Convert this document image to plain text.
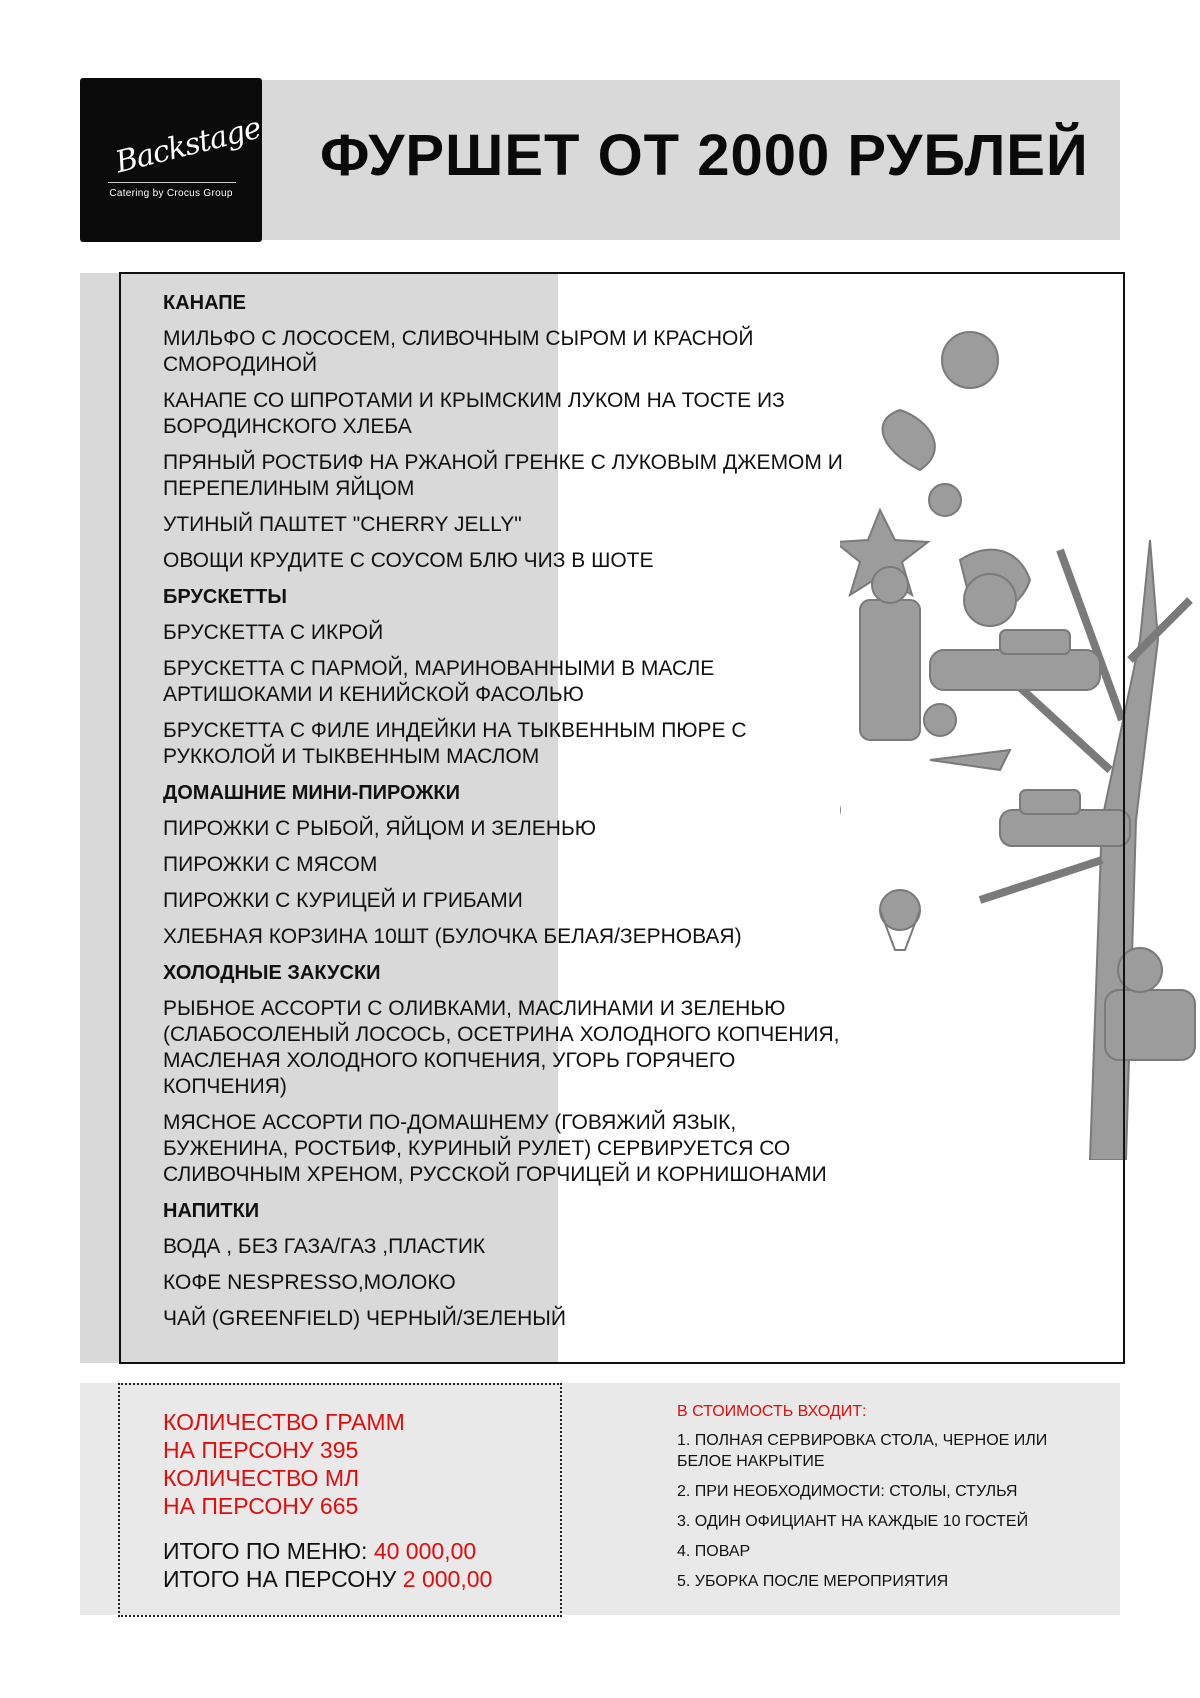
Backstage
Catering by Crocus Group
ФУРШЕТ ОТ 2000 РУБЛЕЙ
КАНАПЕ
МИЛЬФО С ЛОСОСЕМ, СЛИВОЧНЫМ СЫРОМ И КРАСНОЙ СМОРОДИНОЙ
КАНАПЕ СО ШПРОТАМИ И КРЫМСКИМ ЛУКОМ НА ТОСТЕ ИЗ БОРОДИНСКОГО ХЛЕБА
ПРЯНЫЙ РОСТБИФ НА РЖАНОЙ ГРЕНКЕ С ЛУКОВЫМ ДЖЕМОМ И ПЕРЕПЕЛИНЫМ ЯЙЦОМ
УТИНЫЙ ПАШТЕТ "CHERRY JELLY"
ОВОЩИ КРУДИТЕ С СОУСОМ БЛЮ ЧИЗ В ШОТЕ
БРУСКЕТТЫ
БРУСКЕТТА С ИКРОЙ
БРУСКЕТТА С ПАРМОЙ, МАРИНОВАННЫМИ В МАСЛЕ АРТИШОКАМИ И КЕНИЙСКОЙ ФАСОЛЬЮ
БРУСКЕТТА С ФИЛЕ ИНДЕЙКИ НА ТЫКВЕННЫМ ПЮРЕ С РУККОЛОЙ И ТЫКВЕННЫМ МАСЛОМ
ДОМАШНИЕ МИНИ-ПИРОЖКИ
ПИРОЖКИ С РЫБОЙ, ЯЙЦОМ И ЗЕЛЕНЬЮ
ПИРОЖКИ С МЯСОМ
ПИРОЖКИ С КУРИЦЕЙ И ГРИБАМИ
ХЛЕБНАЯ КОРЗИНА 10ШТ (БУЛОЧКА БЕЛАЯ/ЗЕРНОВАЯ)
ХОЛОДНЫЕ ЗАКУСКИ
РЫБНОЕ АССОРТИ С ОЛИВКАМИ, МАСЛИНАМИ И ЗЕЛЕНЬЮ (СЛАБОСОЛЕНЫЙ ЛОСОСЬ, ОСЕТРИНА ХОЛОДНОГО КОПЧЕНИЯ, МАСЛЕНАЯ ХОЛОДНОГО КОПЧЕНИЯ, УГОРЬ ГОРЯЧЕГО КОПЧЕНИЯ)
МЯСНОЕ АССОРТИ ПО-ДОМАШНЕМУ (ГОВЯЖИЙ ЯЗЫК, БУЖЕНИНА, РОСТБИФ, КУРИНЫЙ РУЛЕТ) СЕРВИРУЕТСЯ СО СЛИВОЧНЫМ ХРЕНОМ, РУССКОЙ ГОРЧИЦЕЙ И КОРНИШОНАМИ
НАПИТКИ
ВОДА , БЕЗ ГАЗА/ГАЗ ,ПЛАСТИК
КОФЕ NESPRESSO,МОЛОКО
ЧАЙ (GREENFIELD) ЧЕРНЫЙ/ЗЕЛЕНЫЙ
КОЛИЧЕСТВО ГРАММ
НА ПЕРСОНУ 395
КОЛИЧЕСТВО МЛ
НА ПЕРСОНУ 665
ИТОГО ПО МЕНЮ: 40 000,00
ИТОГО НА ПЕРСОНУ 2 000,00
В СТОИМОСТЬ ВХОДИТ:
1. ПОЛНАЯ СЕРВИРОВКА СТОЛА, ЧЕРНОЕ ИЛИ БЕЛОЕ НАКРЫТИЕ
2. ПРИ НЕОБХОДИМОСТИ: СТОЛЫ, СТУЛЬЯ
3. ОДИН ОФИЦИАНТ НА КАЖДЫЕ 10 ГОСТЕЙ
4. ПОВАР
5. УБОРКА ПОСЛЕ МЕРОПРИЯТИЯ
